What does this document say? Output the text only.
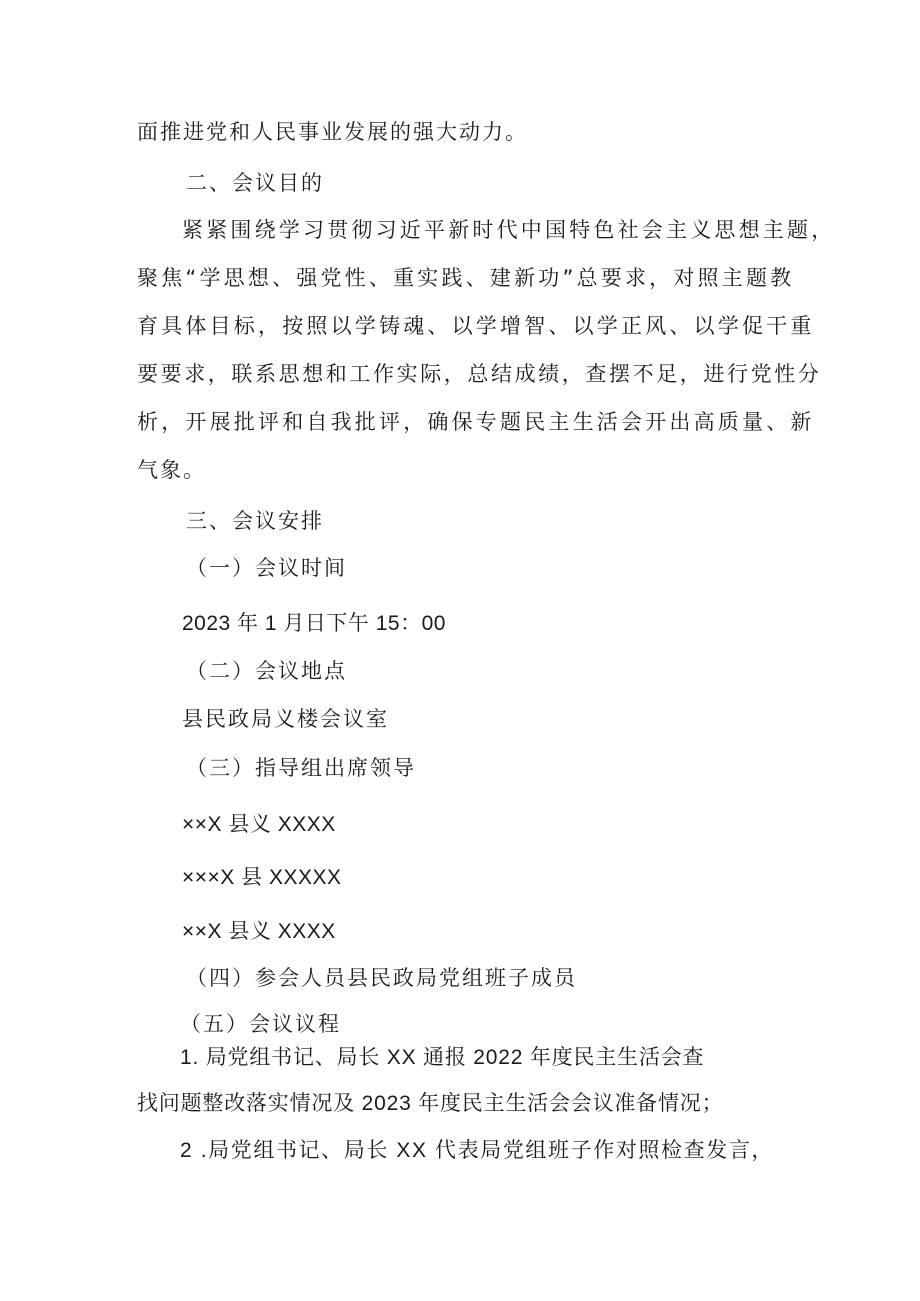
面推进党和人民事业发展的强大动力。
二、会议目的
紧紧围绕学习贯彻习近平新时代中国特色社会主义思想主题，
聚焦“学思想、强党性、重实践、建新功”总要求，对照主题教
育具体目标，按照以学铸魂、以学增智、以学正风、以学促干重
要要求，联系思想和工作实际，总结成绩，查摆不足，进行党性分
析，开展批评和自我批评，确保专题民主生活会开出高质量、新
气象。
三、会议安排
（一）会议时间
2023 年 1 月日下午 15：00
（二）会议地点
县民政局义楼会议室
（三）指导组出席领导
××X 县义 XXXX
×××X 县 XXXXX
××X 县义 XXXX
（四）参会人员县民政局党组班子成员
（五）会议议程
1. 局党组书记、局长 XX 通报 2022 年度民主生活会查
找问题整改落实情况及 2023 年度民主生活会会议准备情况；
2 .局党组书记、局长 XX 代表局党组班子作对照检查发言，
